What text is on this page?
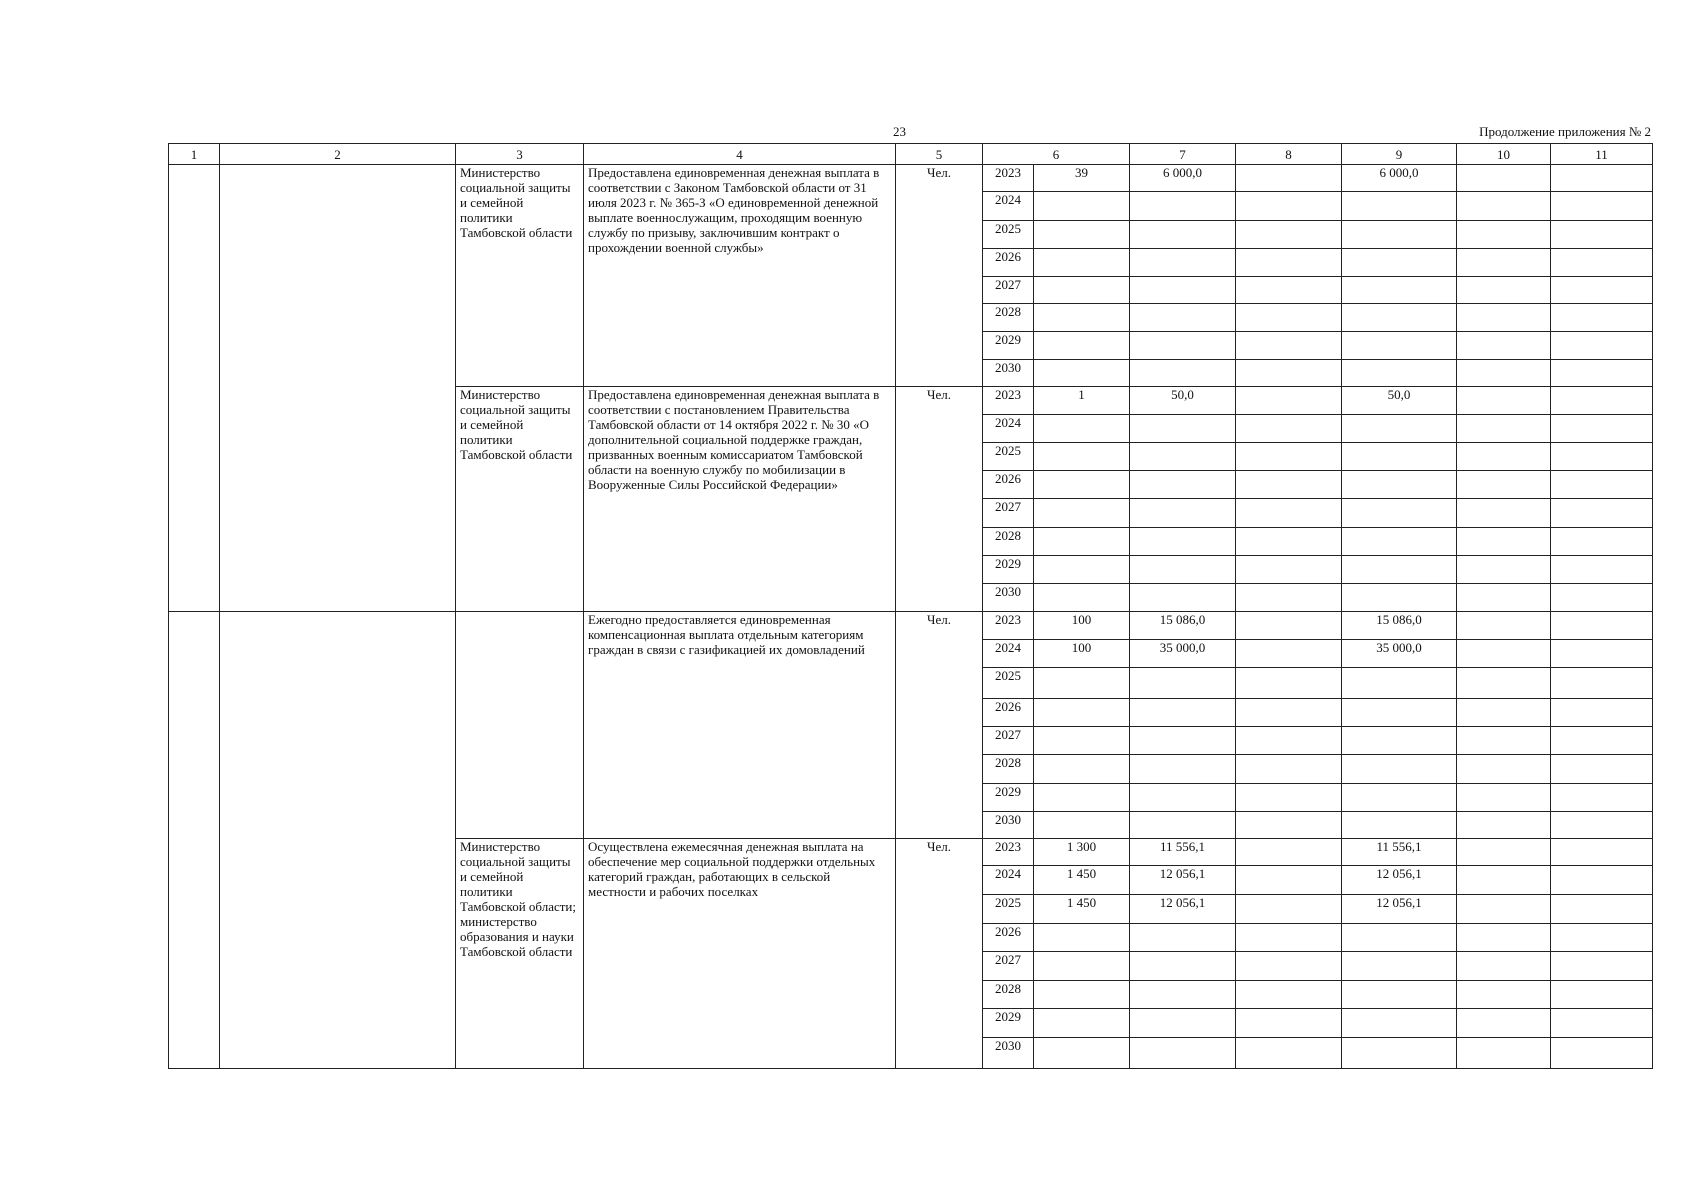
23	Продолжение приложения № 2
1	2	3	4	5	6		7	8	9	10	11
		Министерство социальной защиты и семейной политики Тамбовской области	Предоставлена единовременная денежная выплата в соответствии с Законом Тамбовской области от 31 июля 2023 г. № 365-З «О единовременной денежной выплате военнослужащим, проходящим военную службу по призыву, заключившим контракт о прохождении военной службы»	Чел.	2023	39	6 000,0		6 000,0		
					2024						
					2025						
					2026						
					2027						
					2028						
					2029						
					2030						
		Министерство социальной защиты и семейной политики Тамбовской области	Предоставлена единовременная денежная выплата в соответствии с постановлением Правительства Тамбовской области от 14 октября 2022 г. № 30 «О дополнительной социальной поддержке граждан, призванных военным комиссариатом Тамбовской области на военную службу по мобилизации в Вооруженные Силы Российской Федерации»	Чел.	2023	1	50,0		50,0		
					2024						
					2025						
					2026						
					2027						
					2028						
					2029						
					2030						
			Ежегодно предоставляется единовременная компенсационная выплата отдельным категориям граждан в связи с газификацией их домовладений	Чел.	2023	100	15 086,0		15 086,0		
					2024	100	35 000,0		35 000,0		
					2025						
					2026						
					2027						
					2028						
					2029						
					2030						
		Министерство социальной защиты и семейной политики Тамбовской области; министерство образования и науки Тамбовской области	Осуществлена ежемесячная денежная выплата на обеспечение мер социальной поддержки отдельных категорий граждан, работающих в сельской местности и рабочих поселках	Чел.	2023	1 300	11 556,1		11 556,1		
					2024	1 450	12 056,1		12 056,1		
					2025	1 450	12 056,1		12 056,1		
					2026						
					2027						
					2028						
					2029						
					2030						
